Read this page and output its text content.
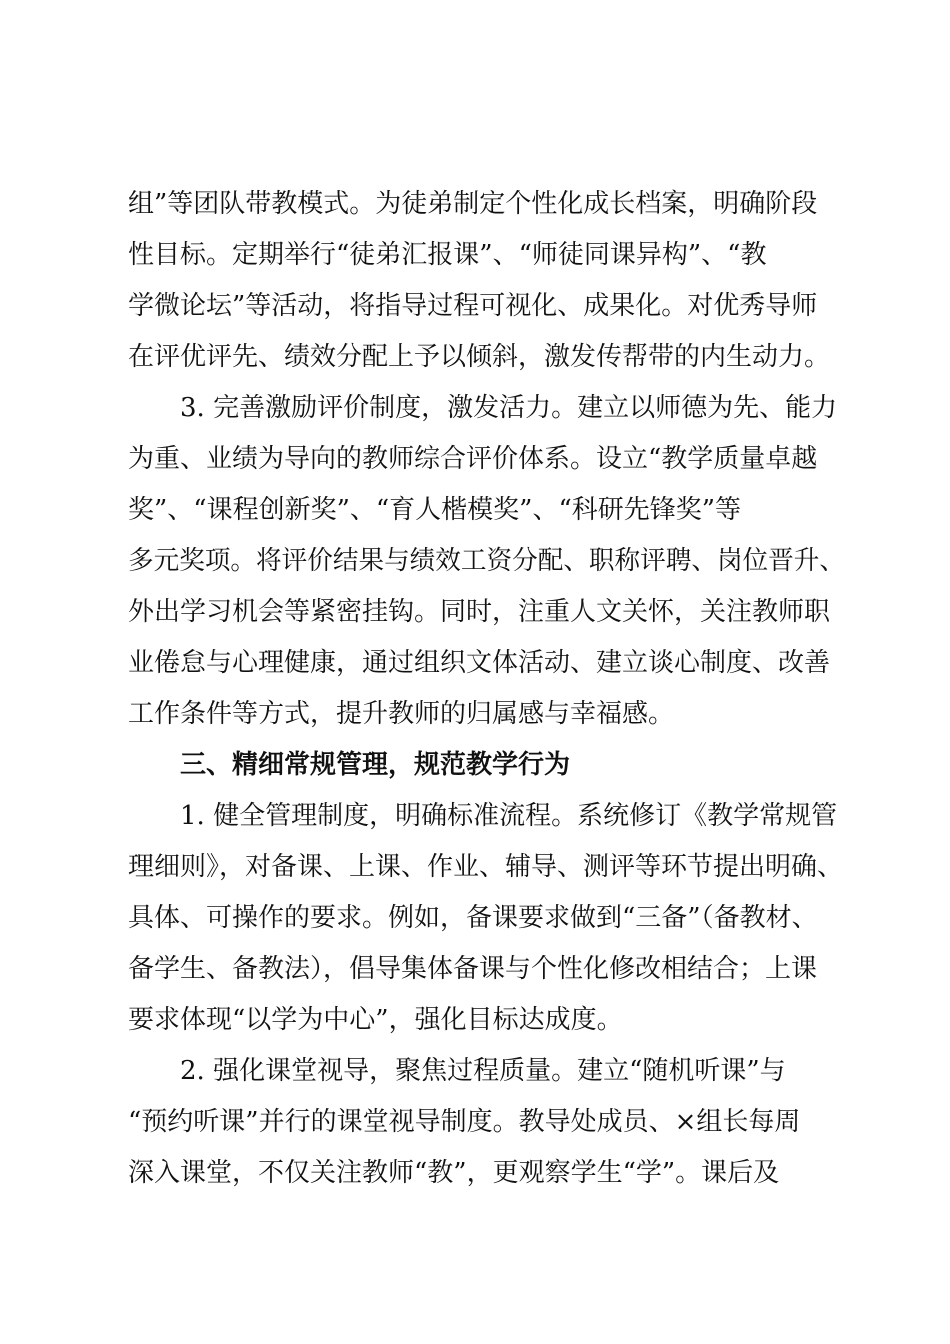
组”等团队带教模式。为徒弟制定个性化成长档案，明确阶段
性目标。定期举行“徒弟汇报课”、“师徒同课异构”、“教
学微论坛”等活动，将指导过程可视化、成果化。对优秀导师
在评优评先、绩效分配上予以倾斜，激发传帮带的内生动力。
3. 完善激励评价制度，激发活力。建立以师德为先、能力
为重、业绩为导向的教师综合评价体系。设立“教学质量卓越
奖”、“课程创新奖”、“育人楷模奖”、“科研先锋奖”等
多元奖项。将评价结果与绩效工资分配、职称评聘、岗位晋升、
外出学习机会等紧密挂钩。同时，注重人文关怀，关注教师职
业倦怠与心理健康，通过组织文体活动、建立谈心制度、改善
工作条件等方式，提升教师的归属感与幸福感。
三、精细常规管理，规范教学行为
1. 健全管理制度，明确标准流程。系统修订《教学常规管
理细则》，对备课、上课、作业、辅导、测评等环节提出明确、
具体、可操作的要求。例如，备课要求做到“三备”（备教材、
备学生、备教法），倡导集体备课与个性化修改相结合；上课
要求体现“以学为中心”，强化目标达成度。
2. 强化课堂视导，聚焦过程质量。建立“随机听课”与
“预约听课”并行的课堂视导制度。教导处成员、×组长每周
深入课堂，不仅关注教师“教”，更观察学生“学”。课后及
